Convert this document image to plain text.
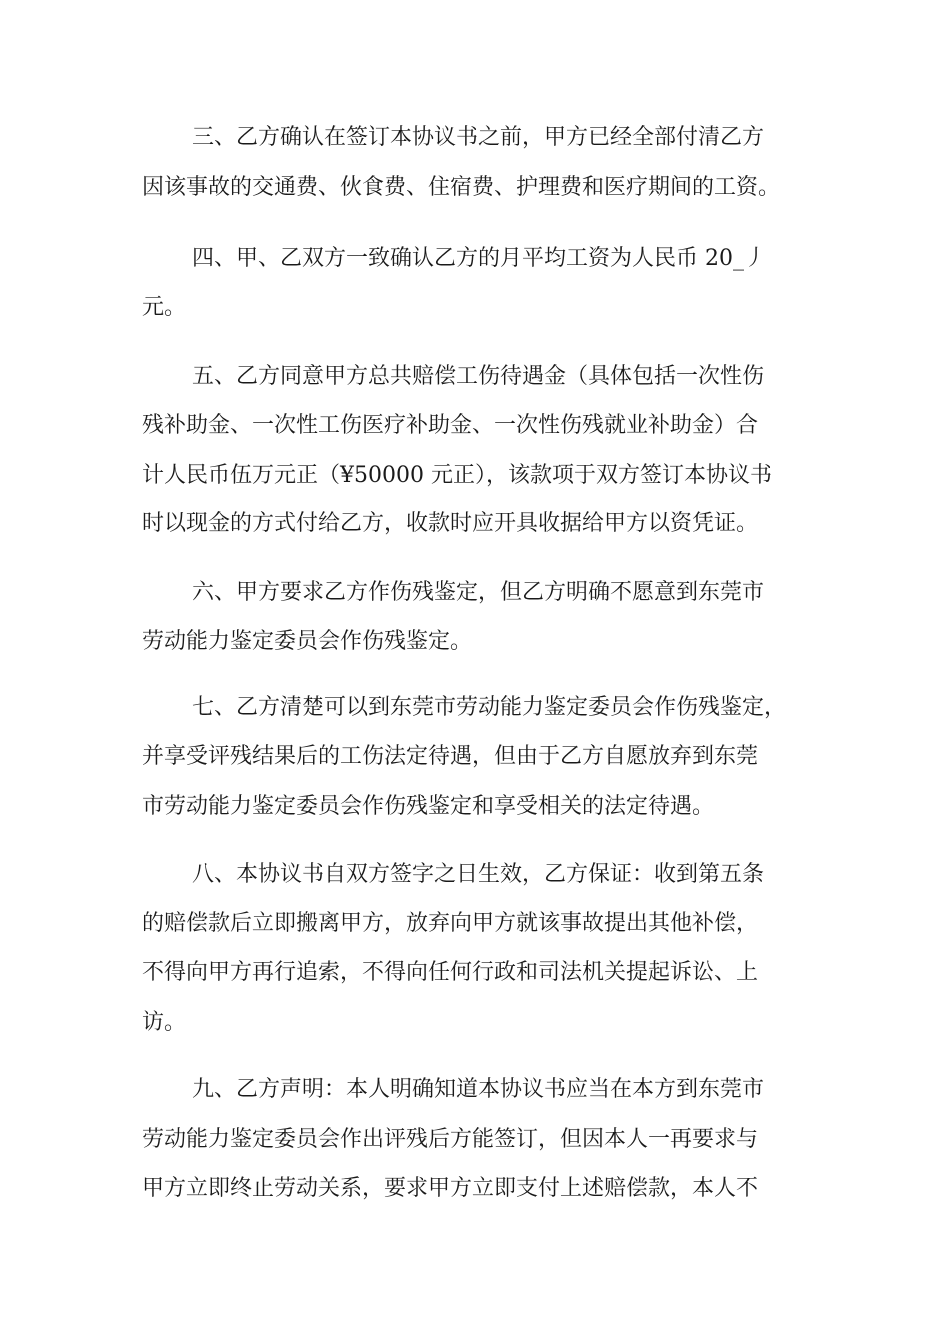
三、乙方确认在签订本协议书之前，甲方已经全部付清乙方

因该事故的交通费、伙食费、住宿费、护理费和医疗期间的工资。

四、甲、乙双方一致确认乙方的月平均工资为人民币 20_丿

元。

五、乙方同意甲方总共赔偿工伤待遇金（具体包括一次性伤

残补助金、一次性工伤医疗补助金、一次性伤残就业补助金）合

计人民币伍万元正（¥50000 元正），该款项于双方签订本协议书

时以现金的方式付给乙方，收款时应开具收据给甲方以资凭证。

六、甲方要求乙方作伤残鉴定，但乙方明确不愿意到东莞市

劳动能力鉴定委员会作伤残鉴定。

七、乙方清楚可以到东莞市劳动能力鉴定委员会作伤残鉴定，

并享受评残结果后的工伤法定待遇，但由于乙方自愿放弃到东莞

市劳动能力鉴定委员会作伤残鉴定和享受相关的法定待遇。

八、本协议书自双方签字之日生效，乙方保证：收到第五条

的赔偿款后立即搬离甲方，放弃向甲方就该事故提出其他补偿，

不得向甲方再行追索，不得向任何行政和司法机关提起诉讼、上

访。

九、乙方声明：本人明确知道本协议书应当在本方到东莞市

劳动能力鉴定委员会作出评残后方能签订，但因本人一再要求与

甲方立即终止劳动关系，要求甲方立即支付上述赔偿款，本人不
